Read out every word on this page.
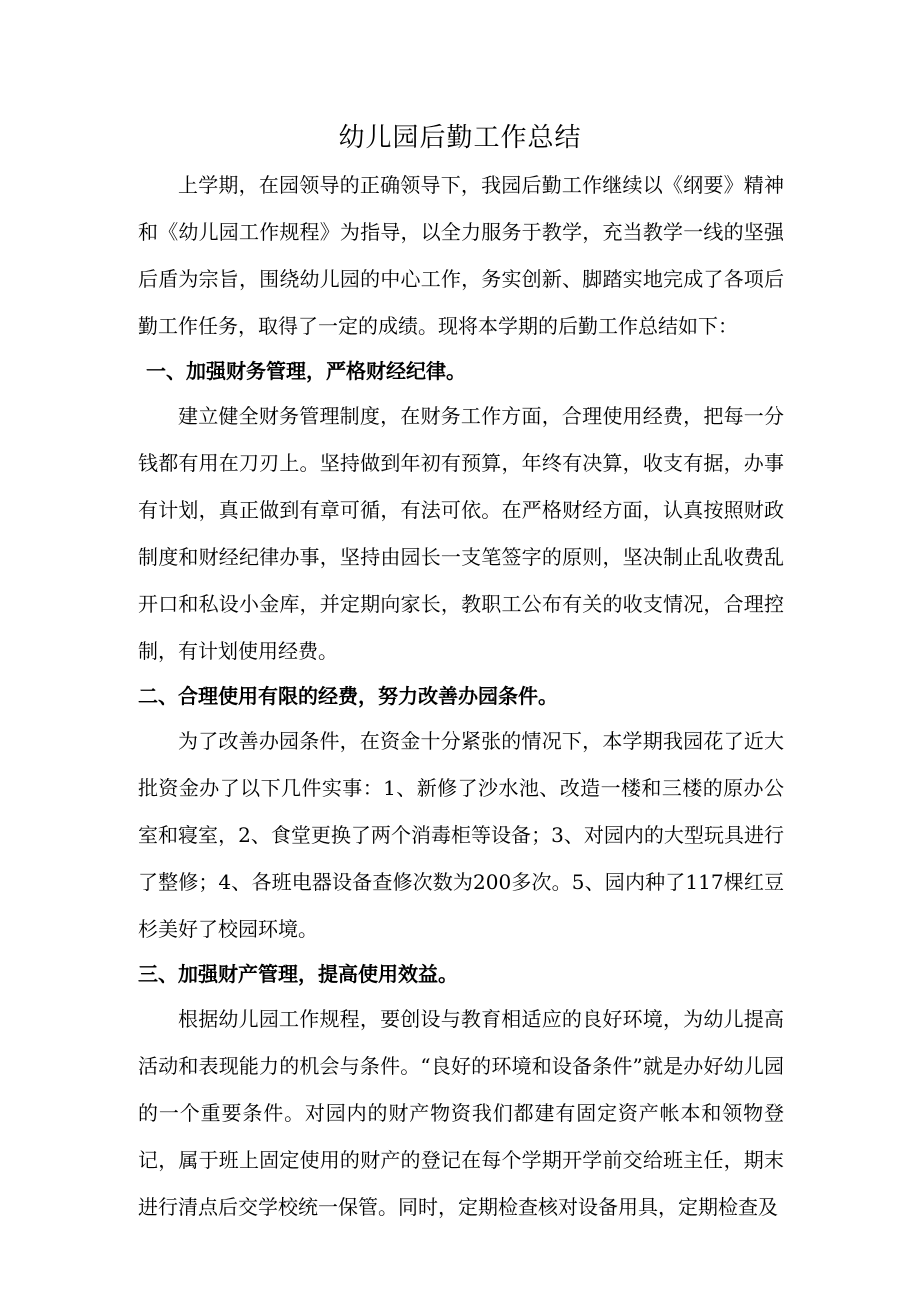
幼儿园后勤工作总结

上学期，在园领导的正确领导下，我园后勤工作继续以《纲要》精神和《幼儿园工作规程》为指导，以全力服务于教学，充当教学一线的坚强后盾为宗旨，围绕幼儿园的中心工作，务实创新、脚踏实地完成了各项后勤工作任务，取得了一定的成绩。现将本学期的后勤工作总结如下：

一、加强财务管理，严格财经纪律。

建立健全财务管理制度，在财务工作方面，合理使用经费，把每一分钱都有用在刀刃上。坚持做到年初有预算，年终有决算，收支有据，办事有计划，真正做到有章可循，有法可依。在严格财经方面，认真按照财政制度和财经纪律办事，坚持由园长一支笔签字的原则，坚决制止乱收费乱开口和私设小金库，并定期向家长，教职工公布有关的收支情况，合理控制，有计划使用经费。

二、合理使用有限的经费，努力改善办园条件。

为了改善办园条件，在资金十分紧张的情况下，本学期我园花了近大批资金办了以下几件实事：1、新修了沙水池、改造一楼和三楼的原办公室和寝室，2、食堂更换了两个消毒柜等设备；3、对园内的大型玩具进行了整修；4、各班电器设备查修次数为200多次。5、园内种了117棵红豆杉美好了校园环境。

三、加强财产管理，提高使用效益。

根据幼儿园工作规程，要创设与教育相适应的良好环境，为幼儿提高活动和表现能力的机会与条件。“良好的环境和设备条件”就是办好幼儿园的一个重要条件。对园内的财产物资我们都建有固定资产帐本和领物登记，属于班上固定使用的财产的登记在每个学期开学前交给班主任，期末进行清点后交学校统一保管。同时，定期检查核对设备用具，定期检查及
